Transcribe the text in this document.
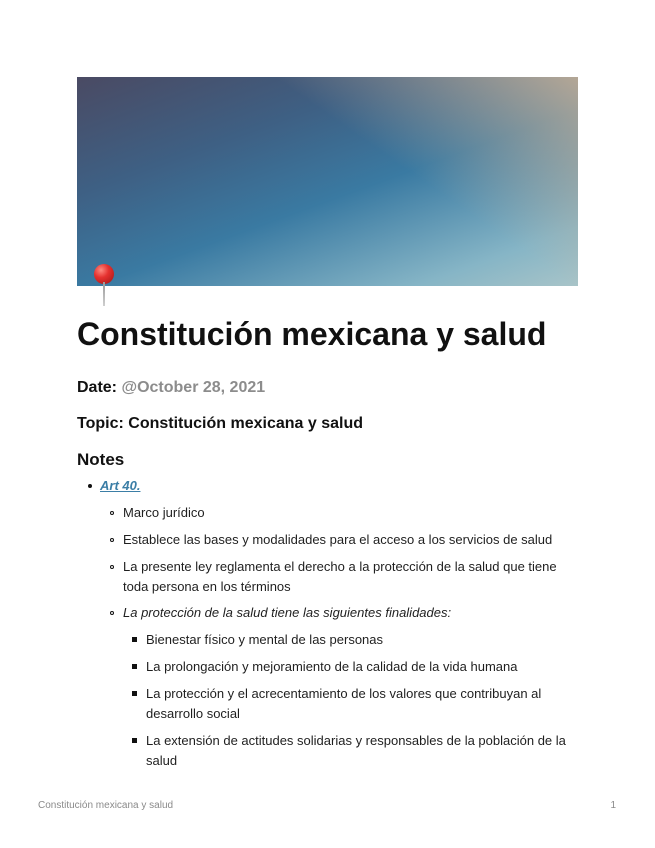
Constitución mexicana y salud

Date: @October 28, 2021

Topic: Constitución mexicana y salud

Notes
Art 40.
Marco jurídico
Establece las bases y modalidades para el acceso a los servicios de salud
La presente ley reglamenta el derecho a la protección de la salud que tiene
toda persona en los términos
La protección de la salud tiene las siguientes finalidades:
Bienestar físico y mental de las personas
La prolongación y mejoramiento de la calidad de la vida humana
La protección y el acrecentamiento de los valores que contribuyan al
desarrollo social
La extensión de actitudes solidarias y responsables de la población de la
salud
Constitución mexicana y salud	1
